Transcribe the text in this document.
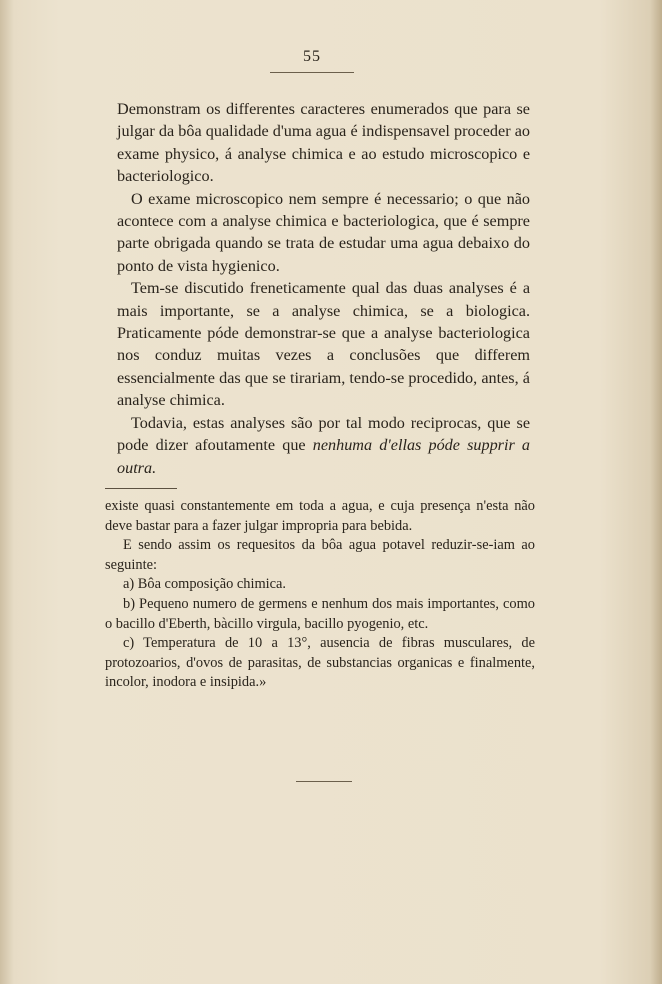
55

Demonstram os differentes caracteres enumerados que para se julgar da bôa qualidade d'uma agua é indispensavel proceder ao exame physico, á analyse chimica e ao estudo microscopico e bacteriologico.

O exame microscopico nem sempre é necessario; o que não acontece com a analyse chimica e bacteriologica, que é sempre parte obrigada quando se trata de estudar uma agua debaixo do ponto de vista hygienico.

Tem-se discutido freneticamente qual das duas analyses é a mais importante, se a analyse chimica, se a biologica. Praticamente póde demonstrar-se que a analyse bacteriologica nos conduz muitas vezes a conclusões que differem essencialmente das que se tirariam, tendo-se procedido, antes, á analyse chimica.

Todavia, estas analyses são por tal modo reciprocas, que se pode dizer afoutamente que nenhuma d'ellas póde supprir a outra.

existe quasi constantemente em toda a agua, e cuja presença n'esta não deve bastar para a fazer julgar impropria para bebida.

E sendo assim os requesitos da bôa agua potavel reduzir-se-iam ao seguinte:

a) Bôa composição chimica.

b) Pequeno numero de germens e nenhum dos mais importantes, como o bacillo d'Eberth, bàcillo virgula, bacillo pyogenio, etc.

c) Temperatura de 10 a 13°, ausencia de fibras musculares, de protozoarios, d'ovos de parasitas, de substancias organicas e finalmente, incolor, inodora e insipida.»
